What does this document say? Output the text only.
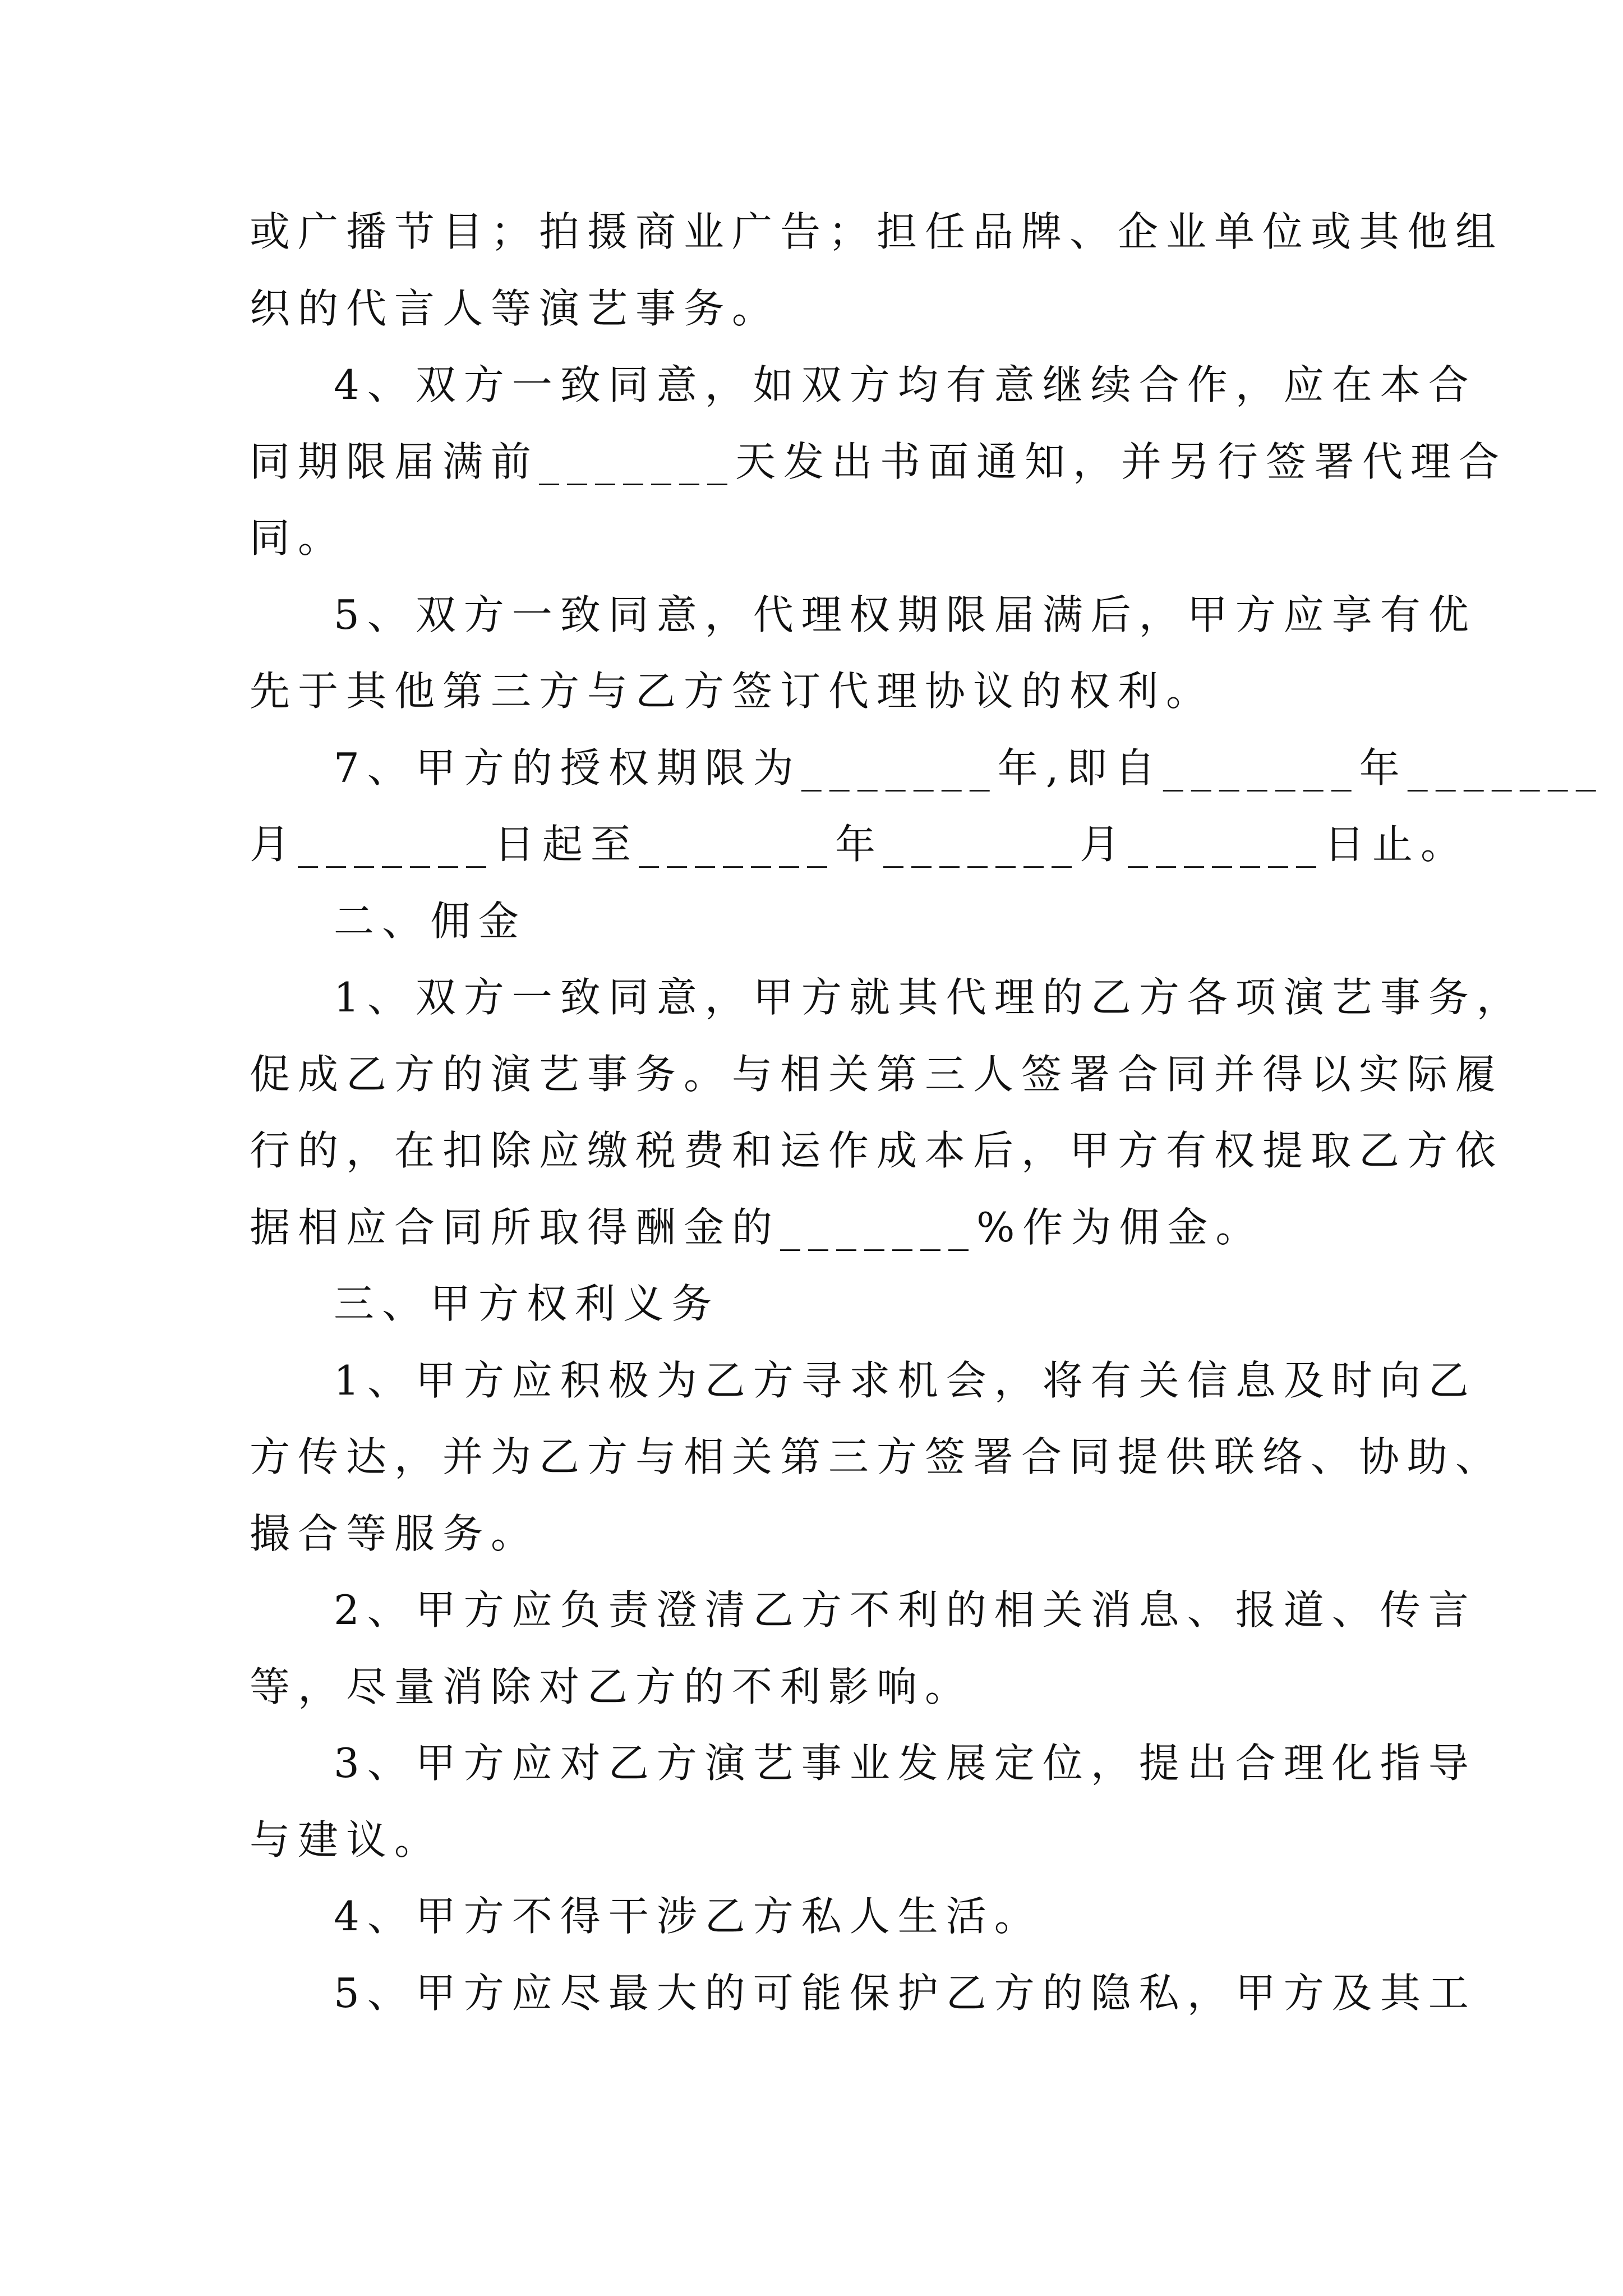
或广播节目；拍摄商业广告；担任品牌、企业单位或其他组
织的代言人等演艺事务。
4、双方一致同意，如双方均有意继续合作，应在本合
同期限届满前_______天发出书面通知，并另行签署代理合
同。
5、双方一致同意，代理权期限届满后，甲方应享有优
先于其他第三方与乙方签订代理协议的权利。
7、甲方的授权期限为_______年,即自_______年_______
月_______日起至_______年_______月_______日止。
二、佣金
1、双方一致同意，甲方就其代理的乙方各项演艺事务，
促成乙方的演艺事务。与相关第三人签署合同并得以实际履
行的，在扣除应缴税费和运作成本后，甲方有权提取乙方依
据相应合同所取得酬金的_______%作为佣金。
三、甲方权利义务
1、甲方应积极为乙方寻求机会，将有关信息及时向乙
方传达，并为乙方与相关第三方签署合同提供联络、协助、
撮合等服务。
2、甲方应负责澄清乙方不利的相关消息、报道、传言
等，尽量消除对乙方的不利影响。
3、甲方应对乙方演艺事业发展定位，提出合理化指导
与建议。
4、甲方不得干涉乙方私人生活。
5、甲方应尽最大的可能保护乙方的隐私，甲方及其工
